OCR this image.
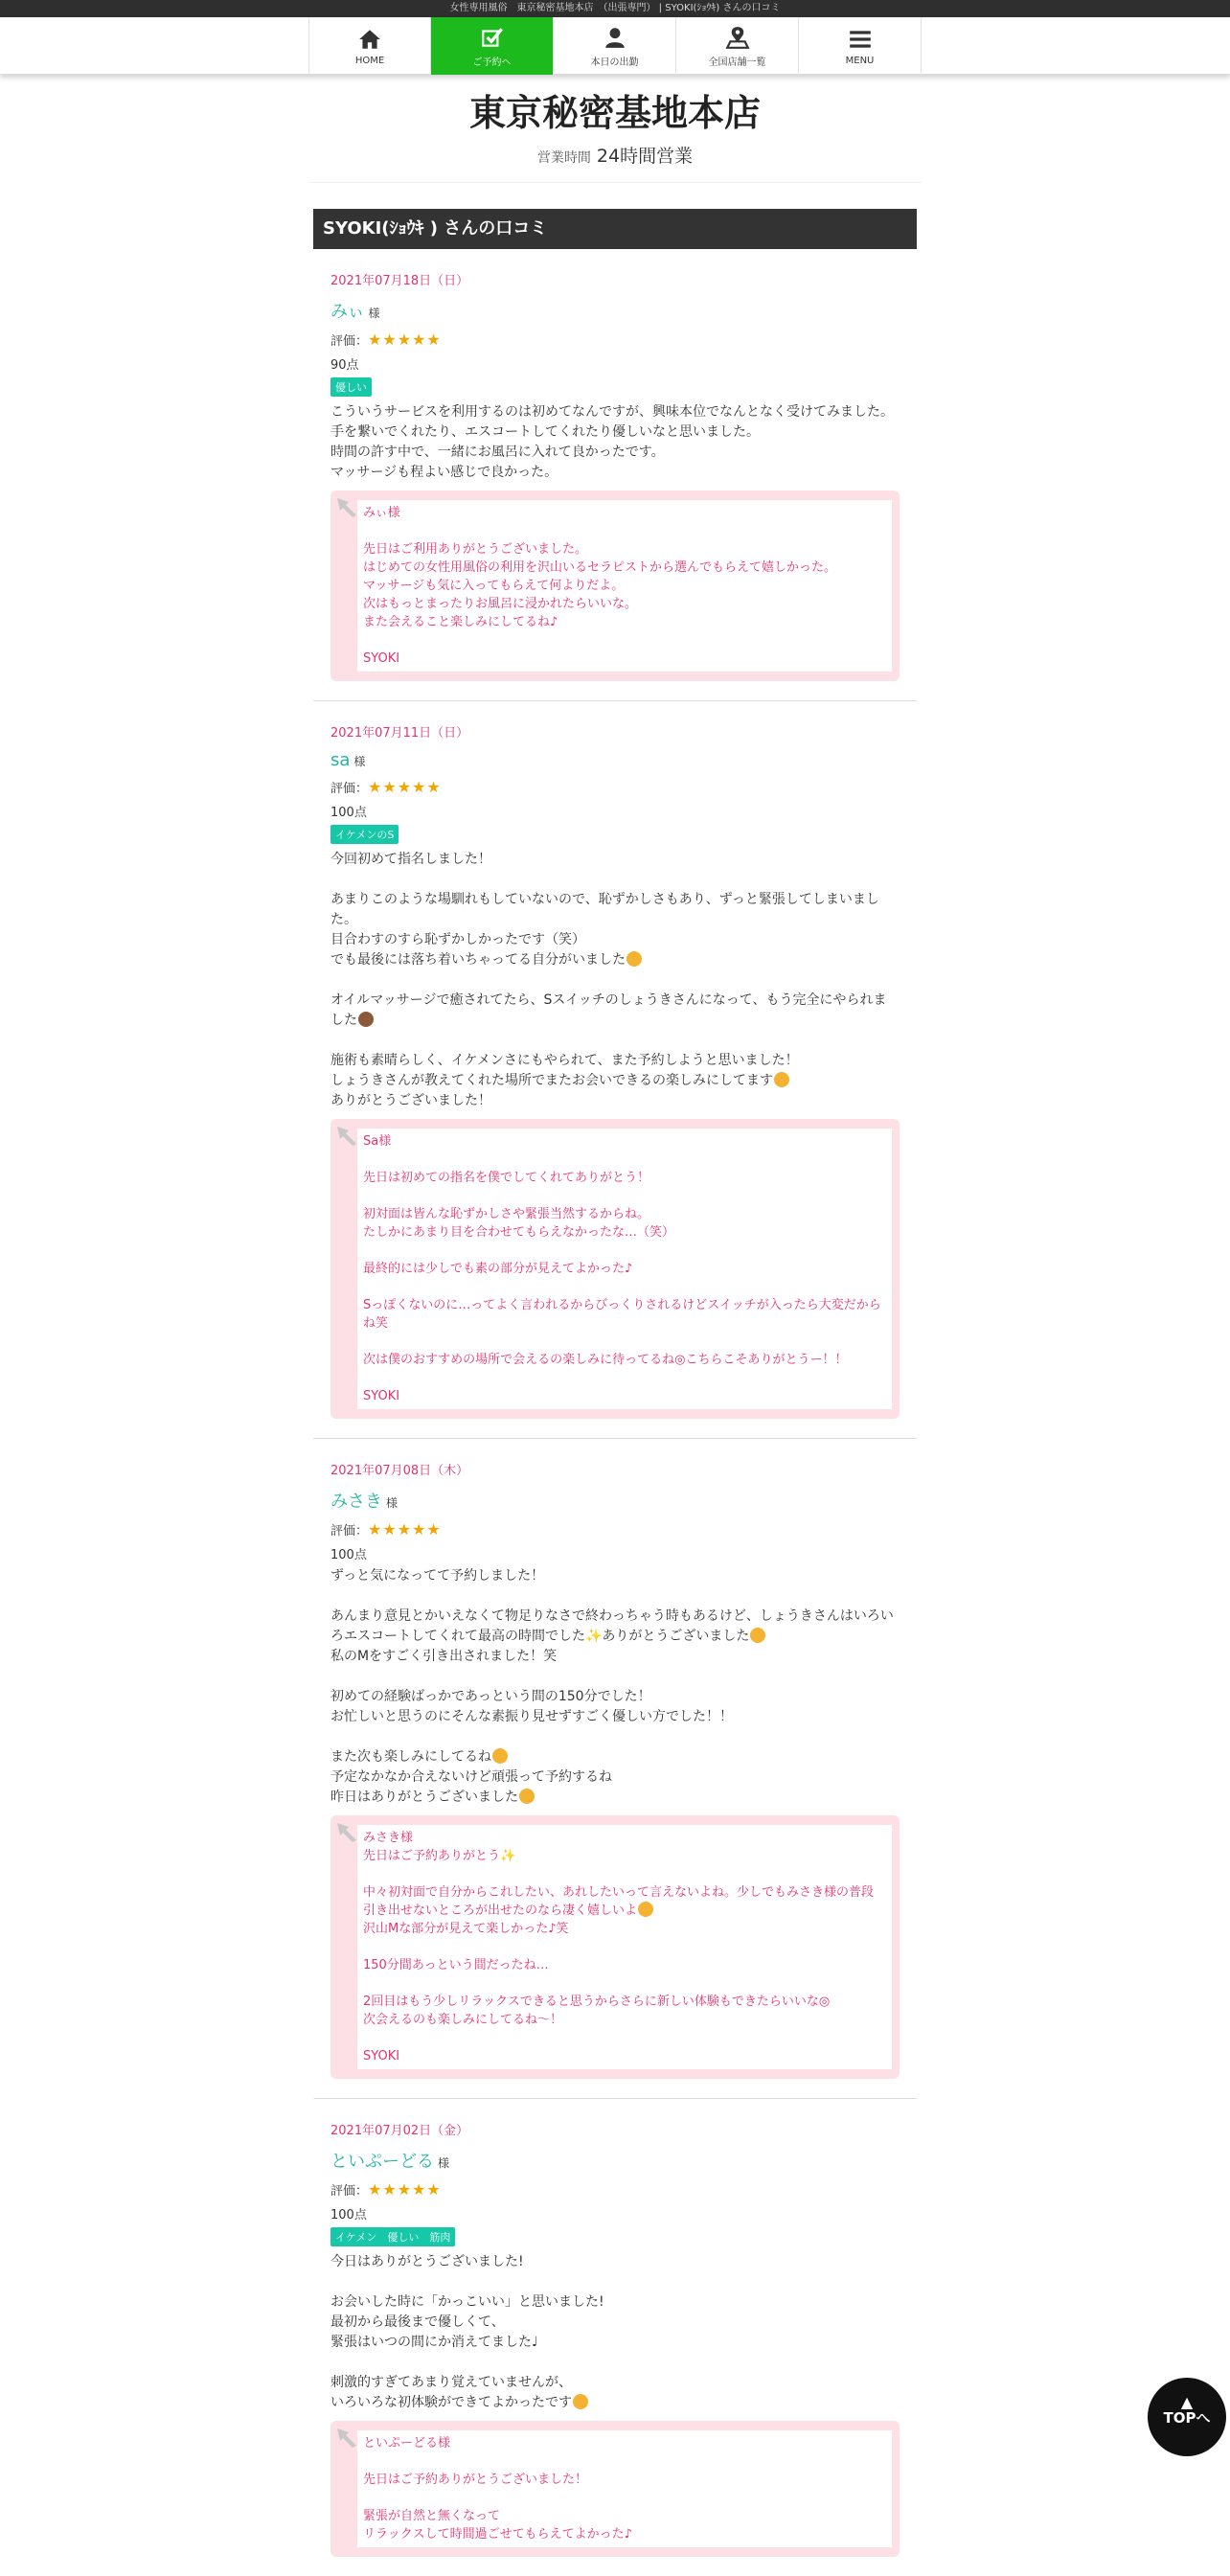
女性専用風俗　東京秘密基地本店　（出張専門） | SYOKI(ｼｮｳｷ) さんの口コミ
HOME	ご予約へ	本日の出勤	全国店舗一覧	MENU
東京秘密基地本店
営業時間 24時間営業
SYOKI(ｼｮｳｷ ) さんの口コミ
2021年07月18日（日）
みぃ 様
評価：★★★★★
90点
優しい
こういうサービスを利用するのは初めてなんですが、興味本位でなんとなく受けてみました。
手を繋いでくれたり、エスコートしてくれたり優しいなと思いました。
時間の許す中で、一緒にお風呂に入れて良かったです。
マッサージも程よい感じで良かった。
みぃ様

先日はご利用ありがとうございました。
はじめての女性用風俗の利用を沢山いるセラピストから選んでもらえて嬉しかった。
マッサージも気に入ってもらえて何よりだよ。
次はもっとまったりお風呂に浸かれたらいいな。
また会えること楽しみにしてるね♪

SYOKI
2021年07月11日（日）
sa 様
評価：★★★★★
100点
イケメンのS
今回初めて指名しました！

あまりこのような場馴れもしていないので、恥ずかしさもあり、ずっと緊張してしまいました。
目合わすのすら恥ずかしかったです（笑）
でも最後には落ち着いちゃってる自分がいました

オイルマッサージで癒されてたら、Sスイッチのしょうきさんになって、もう完全にやられました

施術も素晴らしく、イケメンさにもやられて、また予約しようと思いました！
しょうきさんが教えてくれた場所でまたお会いできるの楽しみにしてます
ありがとうございました！
Sa様

先日は初めての指名を僕でしてくれてありがとう！

初対面は皆んな恥ずかしさや緊張当然するからね。
たしかにあまり目を合わせてもらえなかったな…（笑）

最終的には少しでも素の部分が見えてよかった♪

Sっぽくないのに…ってよく言われるからびっくりされるけどスイッチが入ったら大変だからね笑

次は僕のおすすめの場所で会えるの楽しみに待ってるね◎こちらこそありがとうー！！

SYOKI
2021年07月08日（木）
みさき 様
評価：★★★★★
100点
ずっと気になってて予約しました！

あんまり意見とかいえなくて物足りなさで終わっちゃう時もあるけど、しょうきさんはいろいろエスコートしてくれて最高の時間でした✨ありがとうございました
私のMをすごく引き出されました！笑

初めての経験ばっかであっという間の150分でした！
お忙しいと思うのにそんな素振り見せずすごく優しい方でした！！

また次も楽しみにしてるね
予定なかなか合えないけど頑張って予約するね
昨日はありがとうございました
みさき様
先日はご予約ありがとう✨

中々初対面で自分からこれしたい、あれしたいって言えないよね。少しでもみさき様の普段引き出せないところが出せたのなら凄く嬉しいよ
沢山Mな部分が見えて楽しかった♪笑

150分間あっという間だったね…

2回目はもう少しリラックスできると思うからさらに新しい体験もできたらいいな◎
次会えるのも楽しみにしてるね〜！

SYOKI
2021年07月02日（金）
といぷーどる 様
評価：★★★★★
100点
イケメン　優しい　筋肉
今日はありがとうございました!

お会いした時に「かっこいい」と思いました!
最初から最後まで優しくて、
緊張はいつの間にか消えてました♩

刺激的すぎてあまり覚えていませんが、
いろいろな初体験ができてよかったです
といぷーどる様

先日はご予約ありがとうございました！

緊張が自然と無くなって
リラックスして時間過ごせてもらえてよかった♪
▲
TOPへ
